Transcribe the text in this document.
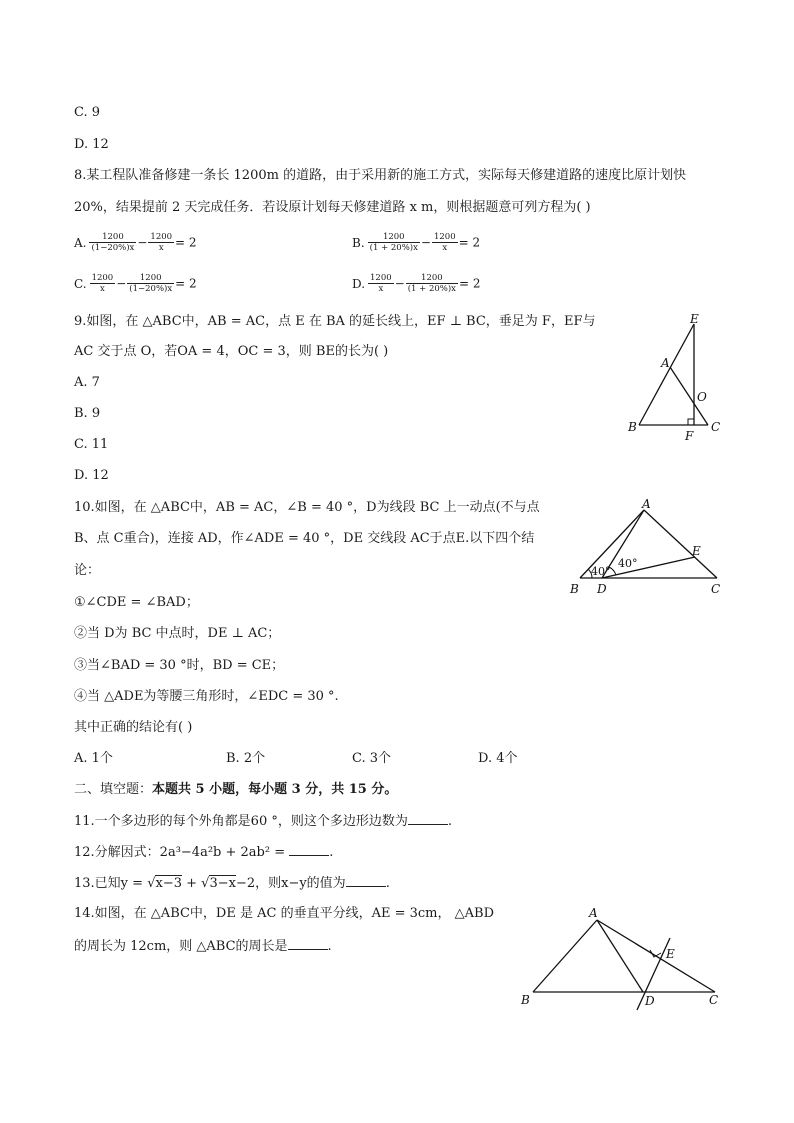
C. 9
D. 12
8.某工程队准备修建一条长 1200m 的道路，由于采用新的施工方式，实际每天修建道路的速度比原计划快
20%，结果提前 2 天完成任务．若设原计划每天修建道路 x m，则根据题意可列方程为( )
A. $\frac{1200}{(1-20\%)x} - \frac{1200}{x} = 2$	B. $\frac{1200}{(1 + 20\%)x} - \frac{1200}{x} = 2$
C. $\frac{1200}{x} - \frac{1200}{(1-20\%)x} = 2$	D. $\frac{1200}{x} - \frac{1200}{(1 + 20\%)x} = 2$
9.如图，在 △ABC中，AB = AC，点 E 在 BA 的延长线上，EF ⊥ BC，垂足为 F，EF与
AC 交于点 O，若OA = 4，OC = 3，则 BE的长为( )
A. 7
B. 9
C. 11
D. 12
E
A
O
B
F
C
10.如图，在 △ABC中，AB = AC，∠B = 40 °，D为线段 BC 上一动点(不与点
B、点 C重合)，连接 AD，作∠ADE = 40 °，DE 交线段 AC于点E.以下四个结
论：
①∠CDE = ∠BAD；
②当 D为 BC 中点时，DE ⊥ AC；
③当∠BAD = 30 °时，BD = CE；
④当 △ADE为等腰三角形时，∠EDC = 30 °.
其中正确的结论有( )
A. 1个	B. 2个	C. 3个	D. 4个
40°
40°
A
B D
E
C
二、填空题：本题共 5 小题，每小题 3 分，共 15 分。
11.一个多边形的每个外角都是60 °，则这个多边形边数为	.
12.分解因式：2a³−4a²b + 2ab² =	.
13.已知y = √x−3 + √3−x−2，则x−y的值为	.
14.如图，在 △ABC中，DE 是 AC 的垂直平分线，AE = 3cm， △ABD
的周长为 12cm，则 △ABC的周长是	.
A
B	D
E
C
